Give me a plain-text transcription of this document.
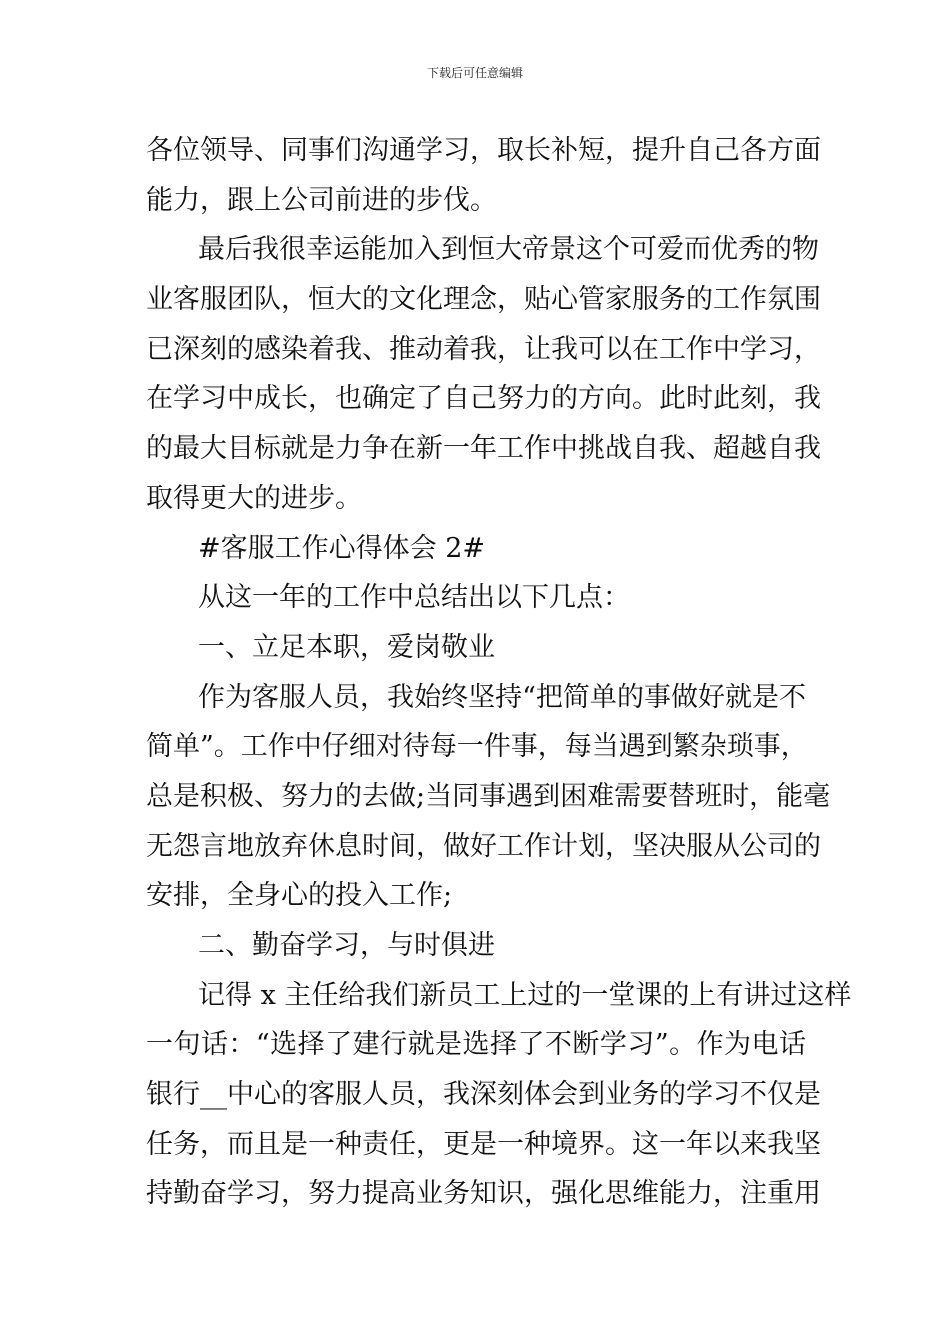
下载后可任意编辑
各位领导、同事们沟通学习，取长补短，提升自己各方面
能力，跟上公司前进的步伐。
最后我很幸运能加入到恒大帝景这个可爱而优秀的物
业客服团队，恒大的文化理念，贴心管家服务的工作氛围
已深刻的感染着我、推动着我，让我可以在工作中学习，
在学习中成长，也确定了自己努力的方向。此时此刻，我
的最大目标就是力争在新一年工作中挑战自我、超越自我
取得更大的进步。
#客服工作心得体会 2#
从这一年的工作中总结出以下几点：
一、立足本职，爱岗敬业
作为客服人员，我始终坚持“把简单的事做好就是不
简单”。工作中仔细对待每一件事，每当遇到繁杂琐事，
总是积极、努力的去做;当同事遇到困难需要替班时，能毫
无怨言地放弃休息时间，做好工作计划，坚决服从公司的
安排，全身心的投入工作;
二、勤奋学习，与时俱进
记得 x 主任给我们新员工上过的一堂课的上有讲过这样
一句话：“选择了建行就是选择了不断学习”。作为电话
银行__中心的客服人员，我深刻体会到业务的学习不仅是
任务，而且是一种责任，更是一种境界。这一年以来我坚
持勤奋学习，努力提高业务知识，强化思维能力，注重用
